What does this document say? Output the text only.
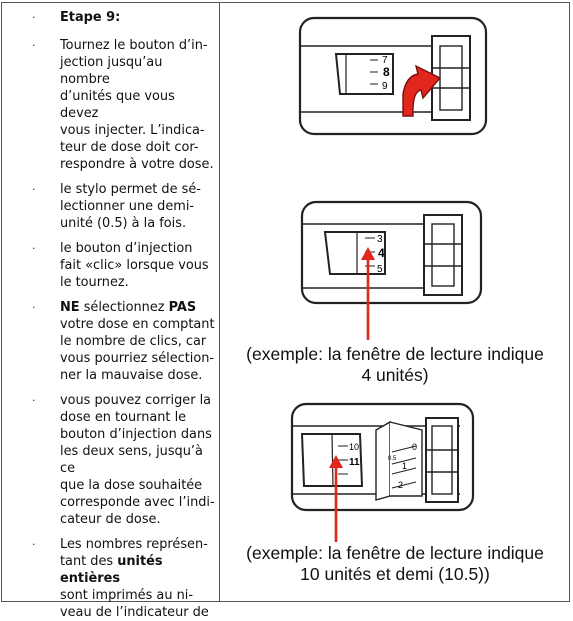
· Etape 9:
· Tournez le bouton d’in-
jection jusqu’au nombre
d’unités que vous devez
vous injecter. L’indica-
teur de dose doit cor-
respondre à votre dose.
· le stylo permet de sé-
lectionner une demi-
unité (0.5) à la fois.
· le bouton d’injection
fait «clic» lorsque vous
le tournez.
· NE sélectionnez PAS
votre dose en comptant
le nombre de clics, car
vous pourriez sélection-
ner la mauvaise dose.
· vous pouvez corriger la
dose en tournant le
bouton d’injection dans
les deux sens, jusqu’à ce
que la dose souhaitée
corresponde avec l’indi-
cateur de dose.
· Les nombres représen-
tant des unités entières
sont imprimés au ni-
veau de l’indicateur de
7
8
9
3
4
5
(exemple: la fenêtre de lecture indique
4 unités)
10
11
0
0.5
1
2
(exemple: la fenêtre de lecture indique
10 unités et demi (10.5))
